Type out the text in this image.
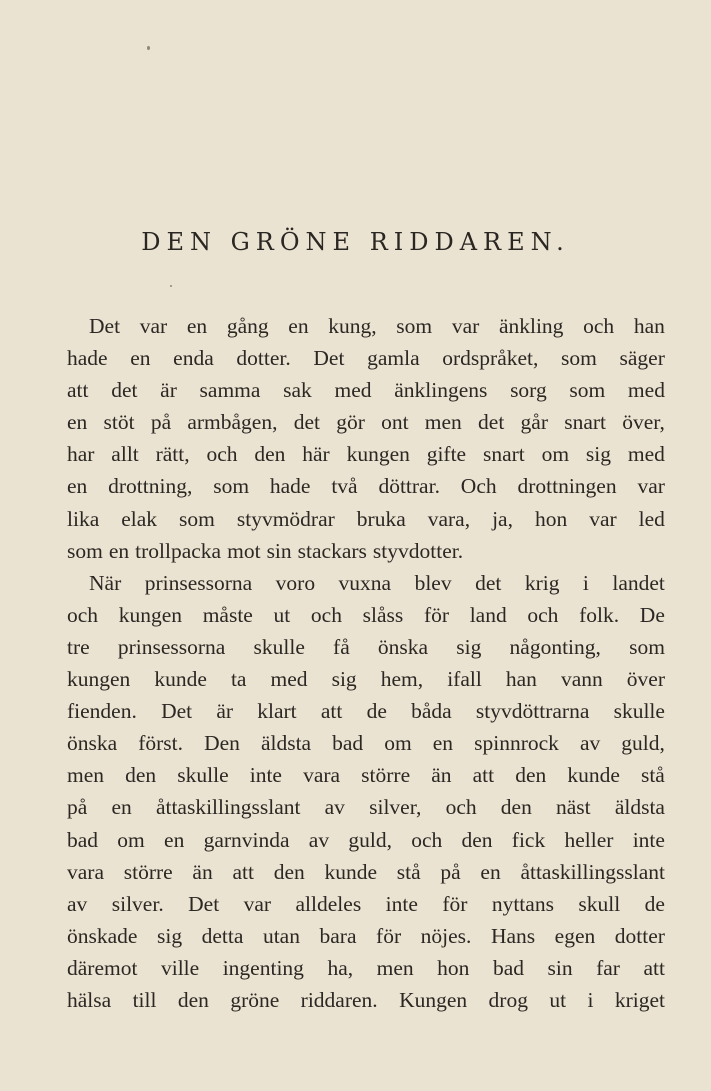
DEN GRÖNE RIDDAREN.
Det var en gång en kung, som var änkling och han
hade en enda dotter. Det gamla ordspråket, som säger
att det är samma sak med änklingens sorg som med
en stöt på armbågen, det gör ont men det går snart över,
har allt rätt, och den här kungen gifte snart om sig med
en drottning, som hade två döttrar. Och drottningen var
lika elak som styvmödrar bruka vara, ja, hon var led
som en trollpacka mot sin stackars styvdotter.
När prinsessorna voro vuxna blev det krig i landet
och kungen måste ut och slåss för land och folk. De
tre prinsessorna skulle få önska sig någonting, som
kungen kunde ta med sig hem, ifall han vann över
fienden. Det är klart att de båda styvdöttrarna skulle
önska först. Den äldsta bad om en spinnrock av guld,
men den skulle inte vara större än att den kunde stå
på en åttaskillingsslant av silver, och den näst äldsta
bad om en garnvinda av guld, och den fick heller inte
vara större än att den kunde stå på en åttaskillingsslant
av silver. Det var alldeles inte för nyttans skull de
önskade sig detta utan bara för nöjes. Hans egen dotter
däremot ville ingenting ha, men hon bad sin far att
hälsa till den gröne riddaren. Kungen drog ut i kriget
